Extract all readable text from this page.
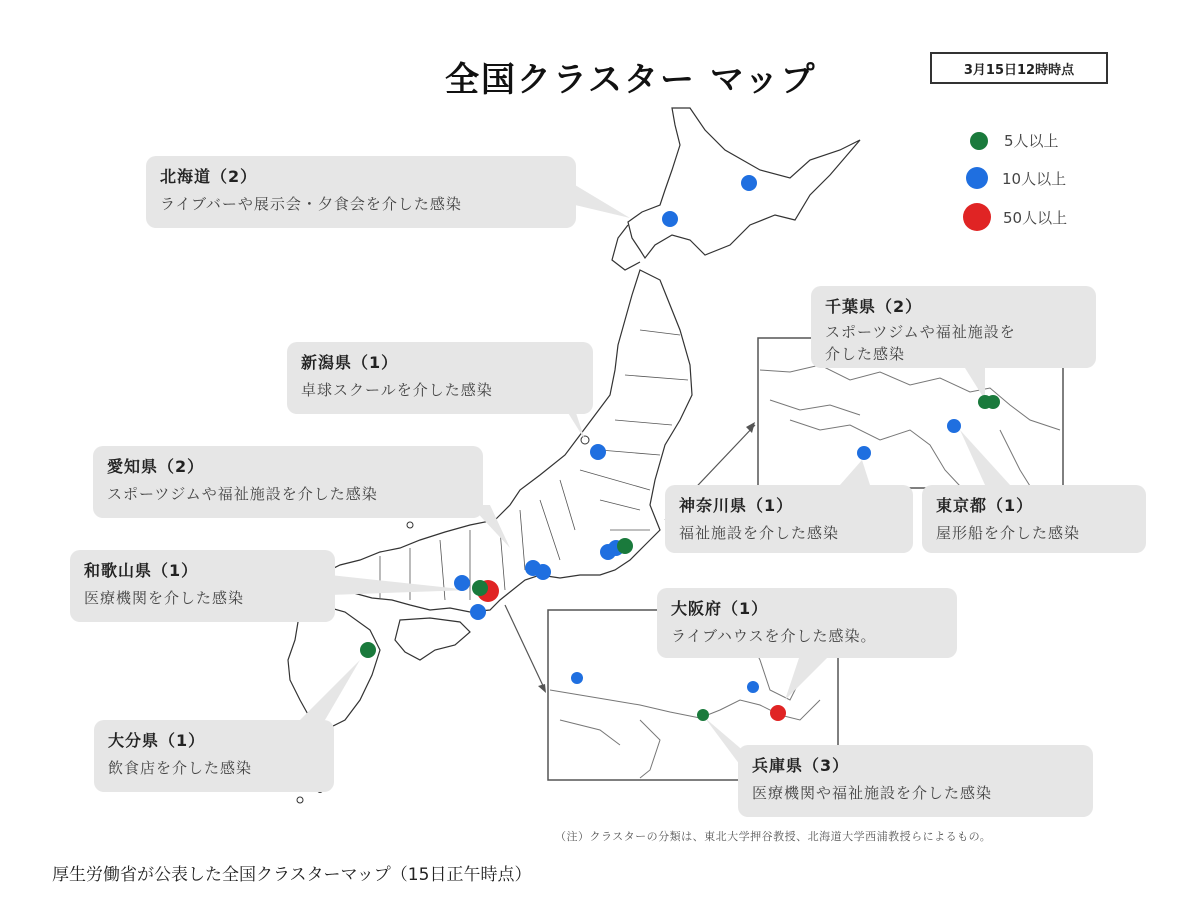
全国クラスター マップ	3月15日12時時点
5人以上
10人以上
50人以上
北海道（2）
ライブバーや展示会・夕食会を介した感染
新潟県（1）
卓球スクールを介した感染
愛知県（2）
スポーツジムや福祉施設を介した感染
和歌山県（1）
医療機関を介した感染
大分県（1）
飲食店を介した感染
千葉県（2）
スポーツジムや福祉施設を
介した感染
神奈川県（1）
福祉施設を介した感染
東京都（1）
屋形船を介した感染
大阪府（1）
ライブハウスを介した感染。
兵庫県（3）
医療機関や福祉施設を介した感染
（注）クラスターの分類は、東北大学押谷教授、北海道大学西浦教授らによるもの。
厚生労働省が公表した全国クラスターマップ（15日正午時点）
